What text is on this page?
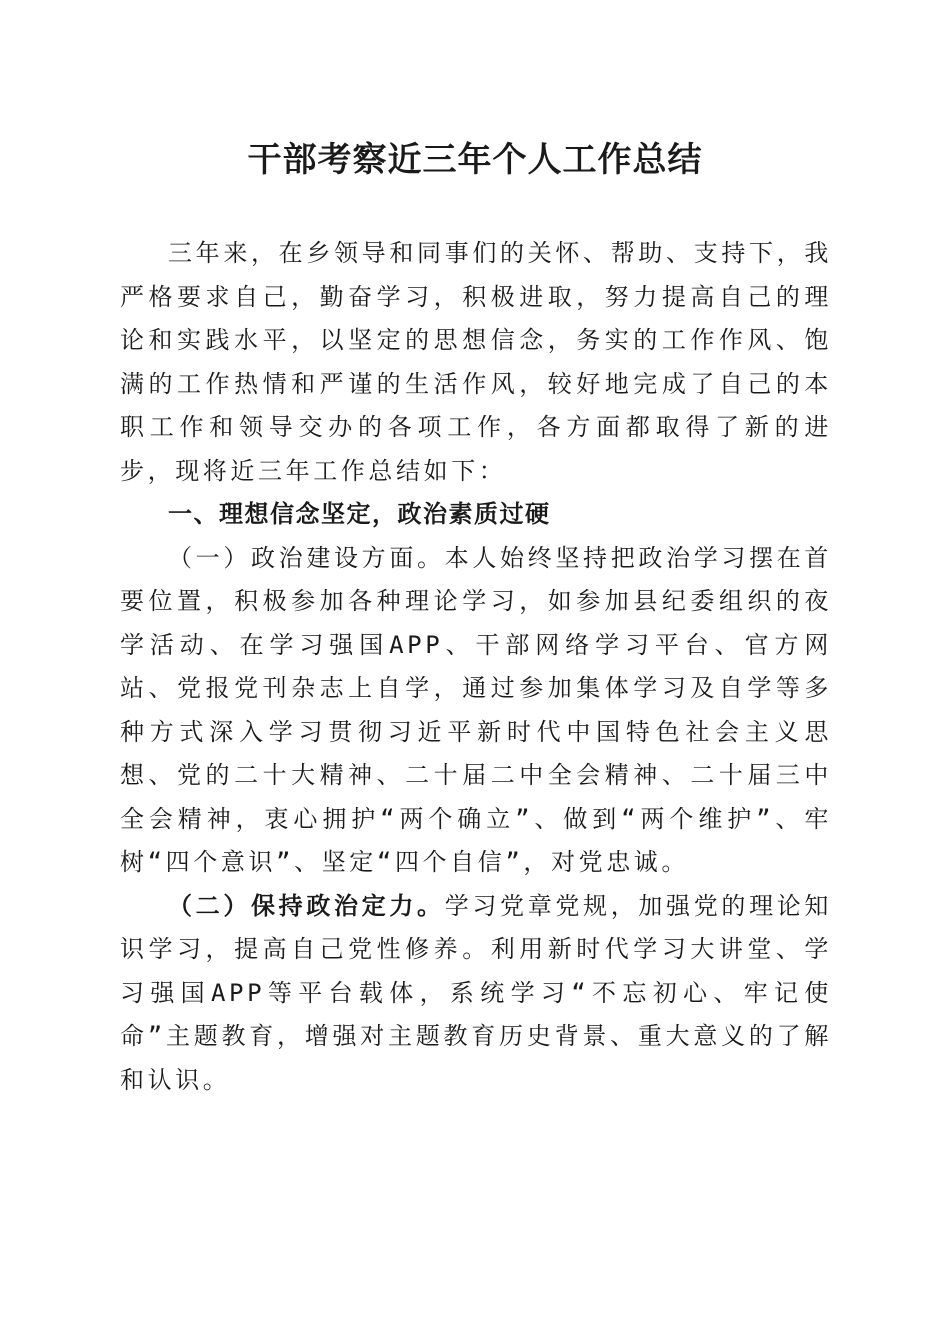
干部考察近三年个人工作总结

三年来，在乡领导和同事们的关怀、帮助、支持下，我严格要求自己，勤奋学习，积极进取，努力提高自己的理论和实践水平，以坚定的思想信念，务实的工作作风、饱满的工作热情和严谨的生活作风，较好地完成了自己的本职工作和领导交办的各项工作，各方面都取得了新的进步，现将近三年工作总结如下：

一、理想信念坚定，政治素质过硬

（一）政治建设方面。本人始终坚持把政治学习摆在首要位置，积极参加各种理论学习，如参加县纪委组织的夜学活动、在学习强国APP、干部网络学习平台、官方网站、党报党刊杂志上自学，通过参加集体学习及自学等多种方式深入学习贯彻习近平新时代中国特色社会主义思想、党的二十大精神、二十届二中全会精神、二十届三中全会精神，衷心拥护“两个确立”、做到“两个维护”、牢树“四个意识”、坚定“四个自信”，对党忠诚。

（二）保持政治定力。学习党章党规，加强党的理论知识学习，提高自己党性修养。利用新时代学习大讲堂、学习强国APP等平台载体，系统学习“不忘初心、牢记使命”主题教育，增强对主题教育历史背景、重大意义的了解和认识。
